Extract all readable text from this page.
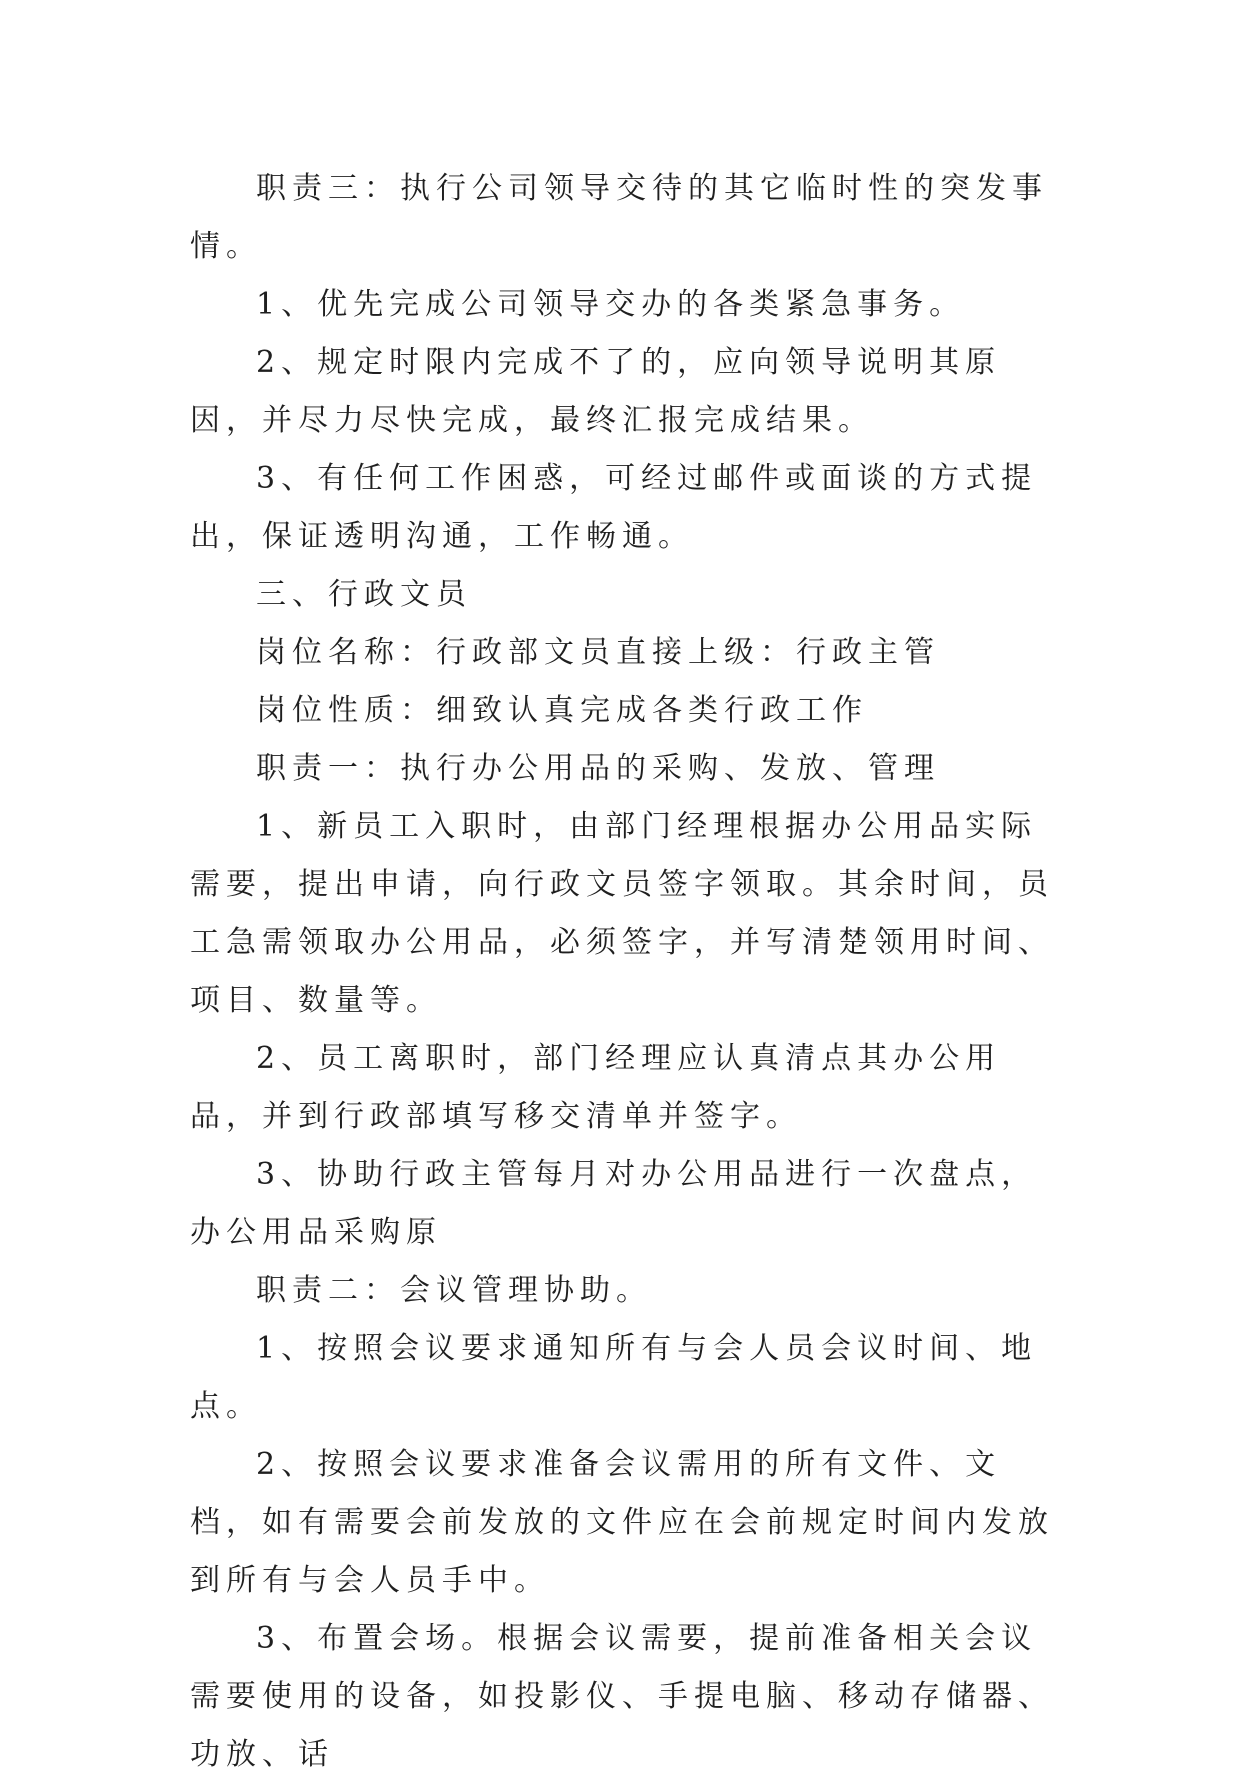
职责三：执行公司领导交待的其它临时性的突发事情。

1、优先完成公司领导交办的各类紧急事务。

2、规定时限内完成不了的，应向领导说明其原因，并尽力尽快完成，最终汇报完成结果。

3、有任何工作困惑，可经过邮件或面谈的方式提出，保证透明沟通，工作畅通。

三、行政文员

岗位名称：行政部文员直接上级：行政主管

岗位性质：细致认真完成各类行政工作

职责一：执行办公用品的采购、发放、管理

1、新员工入职时，由部门经理根据办公用品实际需要，提出申请，向行政文员签字领取。其余时间，员工急需领取办公用品，必须签字，并写清楚领用时间、项目、数量等。

2、员工离职时，部门经理应认真清点其办公用品，并到行政部填写移交清单并签字。

3、协助行政主管每月对办公用品进行一次盘点，办公用品采购原

职责二：会议管理协助。

1、按照会议要求通知所有与会人员会议时间、地点。

2、按照会议要求准备会议需用的所有文件、文档，如有需要会前发放的文件应在会前规定时间内发放到所有与会人员手中。

3、布置会场。根据会议需要，提前准备相关会议需要使用的设备，如投影仪、手提电脑、移动存储器、功放、话
